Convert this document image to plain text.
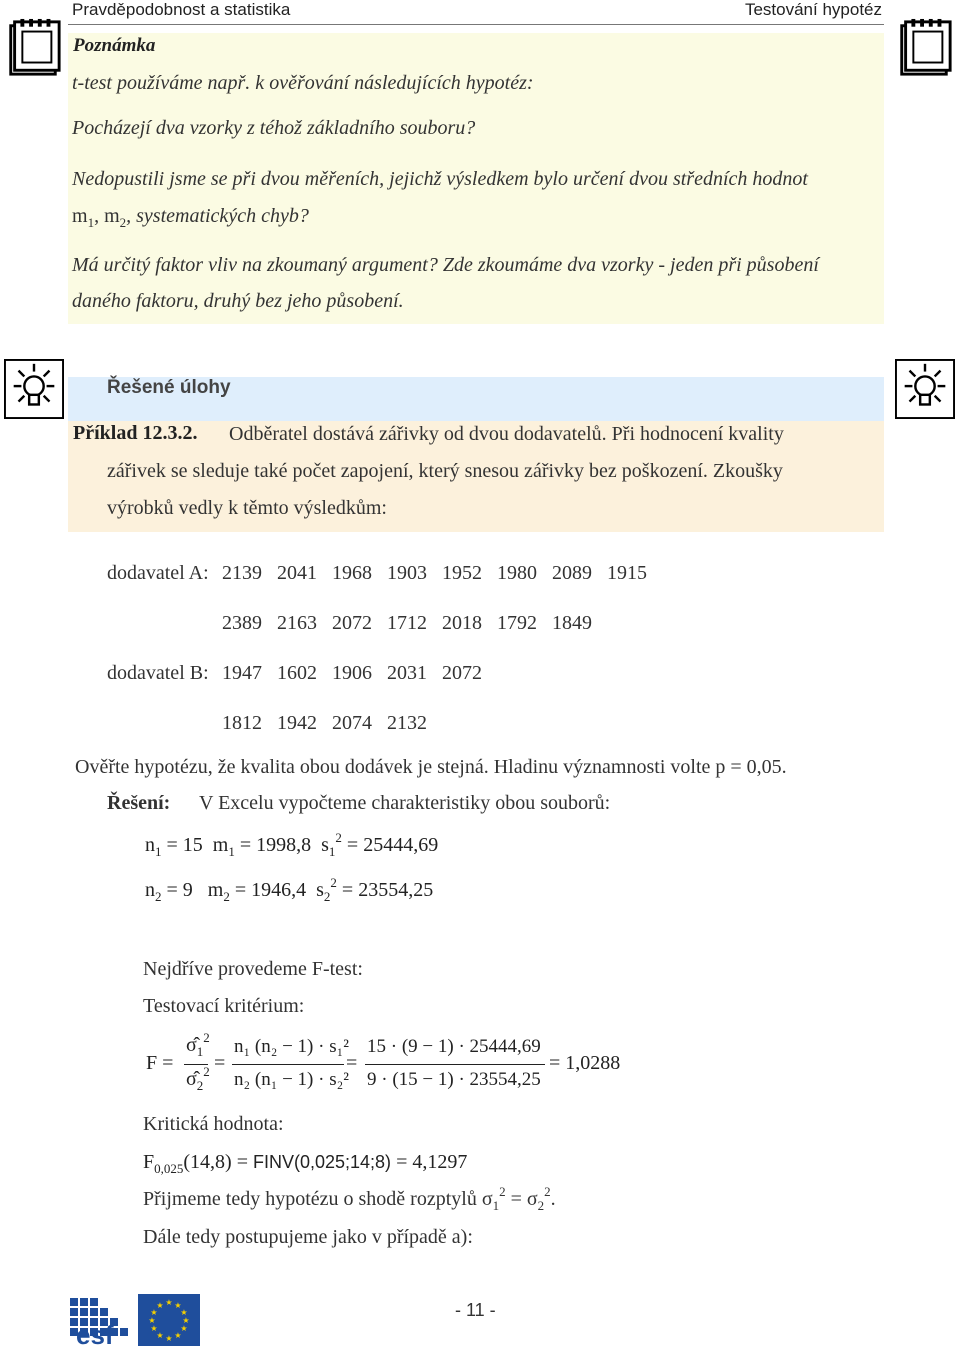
Pravděpodobnost a statistika	Testování hypotéz
Poznámka
t-test používáme např. k ověřování následujících hypotéz:
Pocházejí dva vzorky z téhož základního souboru?
Nedopustili jsme se při dvou měřeních, jejichž výsledkem bylo určení dvou středních hodnot
$m_1$, $m_2$, systematických chyb?
Má určitý faktor vliv na zkoumaný argument? Zde zkoumáme dva vzorky - jeden při působení
daného faktoru, druhý bez jeho působení.
Řešené úlohy
Příklad 12.3.2. Odběratel dostává zářivky od dvou dodavatelů. Při hodnocení kvality
zářivek se sleduje také počet zapojení, který snesou zářivky bez poškození. Zkoušky
výrobků vedly k těmto výsledkům:
dodavatel A: 2139   2041   1968   1903   1952   1980   2089   1915
2389   2163   2072   1712   2018   1792   1849
dodavatel B: 1947   1602   1906   2031   2072
1812   1942   2074   2132
Ověřte hypotézu, že kvalita obou dodávek je stejná. Hladinu významnosti volte p = 0,05.
Řešení: V Excelu vypočteme charakteristiky obou souborů:
$n_1 = 15$ $m_1 = 1998,8$ $s_1^2 = 25444,69$
$n_2 = 9$ $m_2 = 1946,4$ $s_2^2 = 23554,25$
Nejdříve provedeme F-test:
Testovací kritérium:
F =
$\sigmâ_1^2$
$\sigmâ_2^2$ =
n₁ (n₂ − 1) · s₁²
n₂ (n₁ − 1) · s₂²
=
15 · (9 − 1) · 25444,69
9 · (15 − 1) · 23554,25
= 1,0288
Kritická hodnota:
$F_{0,025}(14,8)$ = FINV(0,025;14;8) = 4,1297
Přijmeme tedy hypotézu o shodě rozptylů $\sigma_1^2 = \sigma_2^2$.
Dále tedy postupujeme jako v případě a):
esf
★ ★
★
★
★
★
★
★
★
★
★
★	- 11 -
